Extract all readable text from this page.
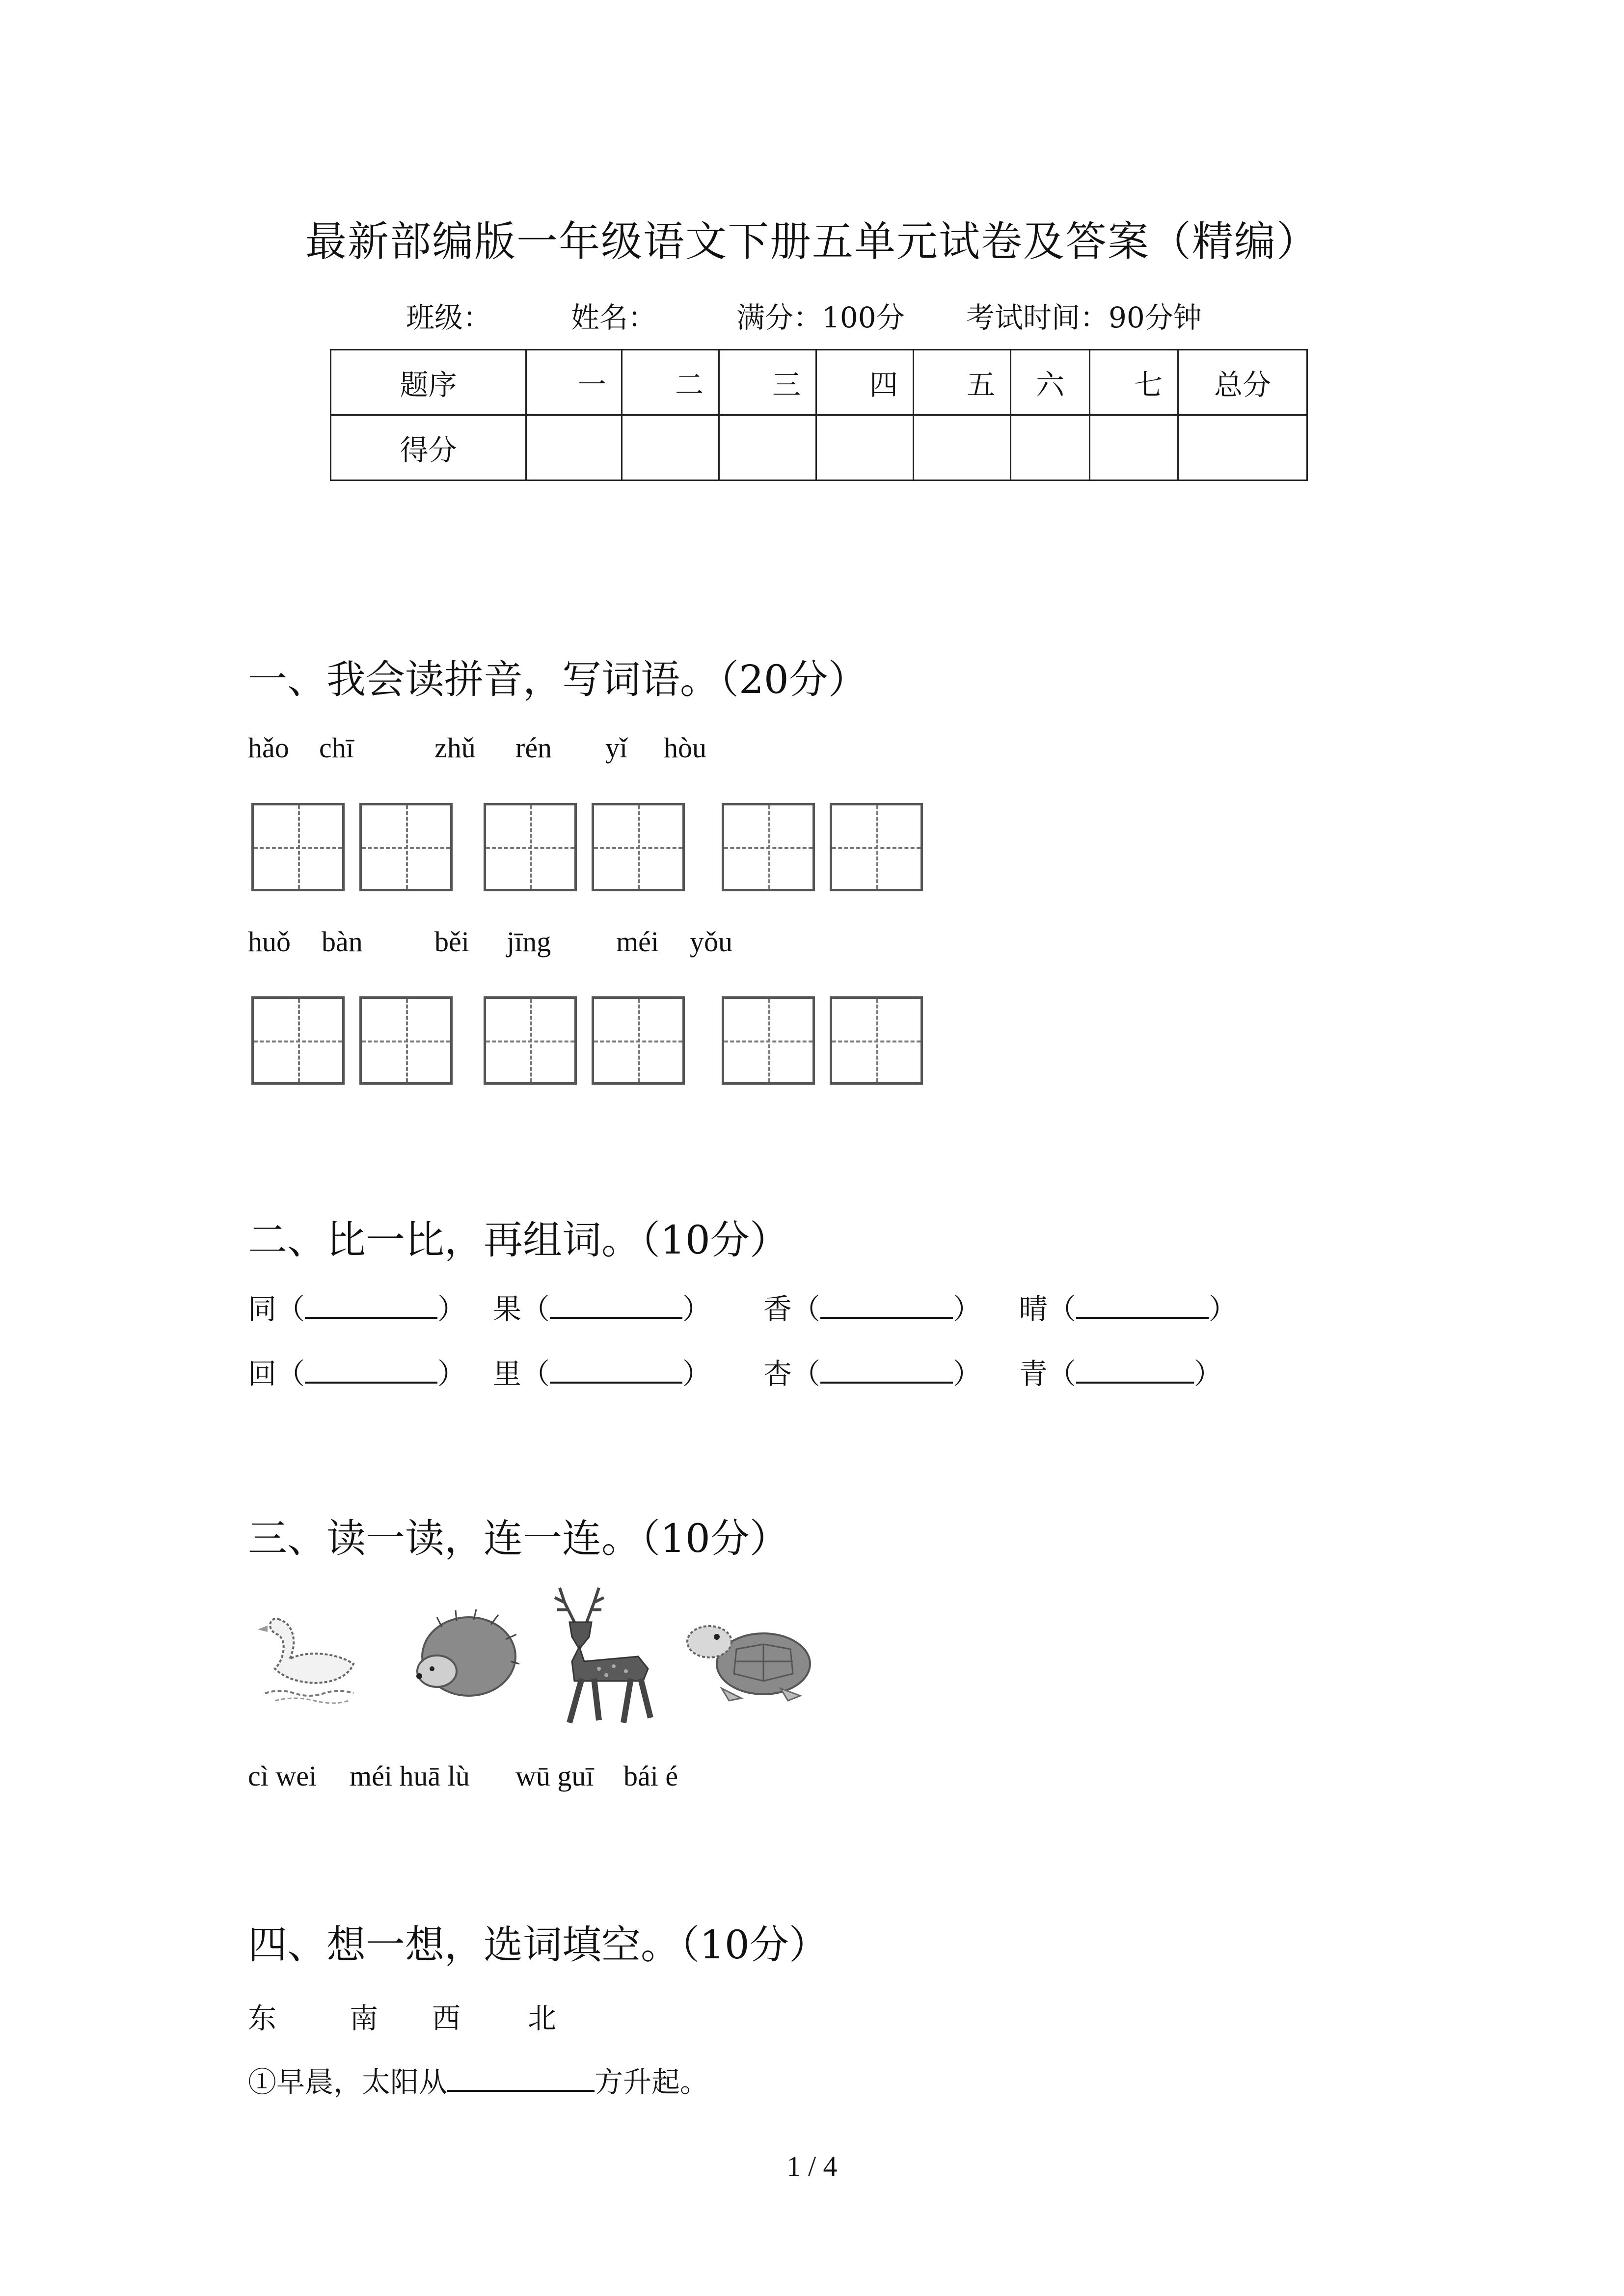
最新部编版一年级语文下册五单元试卷及答案（精编）
班级：	姓名：	满分：100分 考试时间：90分钟
题序	一	二	三	四	五	六	七	总分
得分								
一、我会读拼音，写词语。（20分）
hǎo chī	zhǔ rén yǐ hòu
huǒ bàn	běi jīng méi yǒu
二、比一比，再组词。（10分）
同（	） 果（	） 香（	） 晴（	）
回（	） 里（	） 杏（	） 青（	）
三、读一读，连一连。（10分）
cì wei méi huā lù wū guī bái é
四、想一想，选词填空。（10分）
东	南 西 北
①早晨，太阳从	方升起。
1 / 4
